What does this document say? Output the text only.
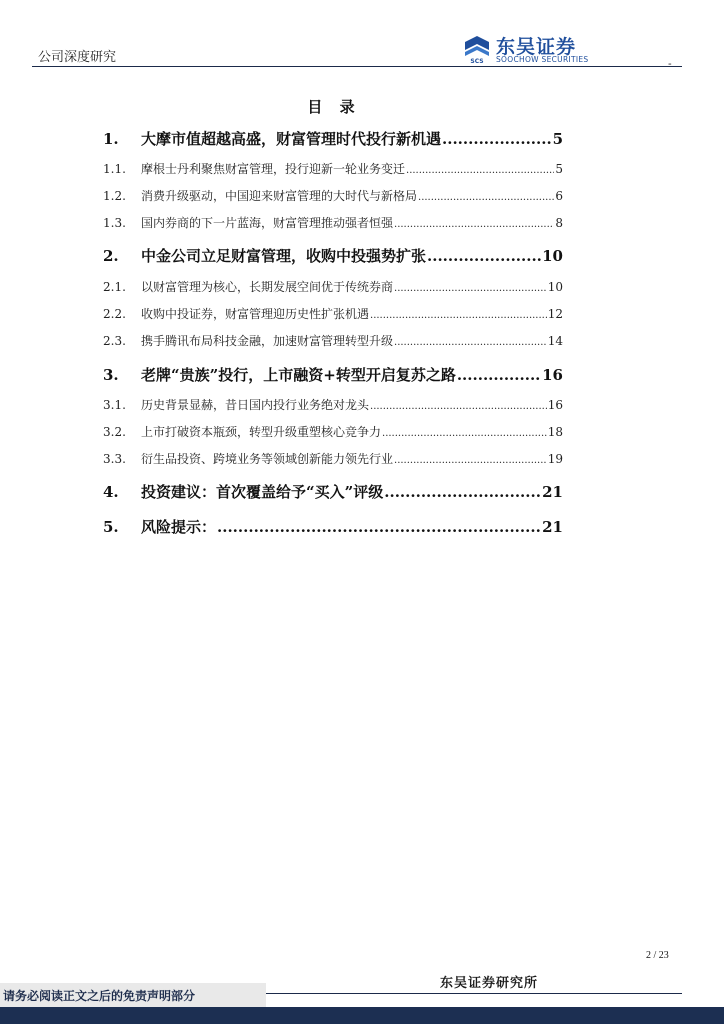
公司深度研究	SCS
东吴证券
SOOCHOW SECURITIES	-
目 录
1.	大摩市值超越高盛，财富管理时代投行新机遇 .....	5
1.1.	摩根士丹利聚焦财富管理，投行迎新一轮业务变迁 .....	5
1.2.	消费升级驱动，中国迎来财富管理的大时代与新格局 .....	6
1.3.	国内券商的下一片蓝海，财富管理推动强者恒强 .....	8
2.	中金公司立足财富管理，收购中投强势扩张 .....	10
2.1.	以财富管理为核心，长期发展空间优于传统券商 .....	10
2.2.	收购中投证券，财富管理迎历史性扩张机遇 .....	12
2.3.	携手腾讯布局科技金融，加速财富管理转型升级 .....	14
3.	老牌“贵族”投行，上市融资+转型开启复苏之路 .....	16
3.1.	历史背景显赫，昔日国内投行业务绝对龙头 .....	16
3.2.	上市打破资本瓶颈，转型升级重塑核心竞争力 .....	18
3.3.	衍生品投资、跨境业务等领域创新能力领先行业 .....	19
4.	投资建议：首次覆盖给予“买入”评级 .....	21
5.	风险提示： .....	21
2 / 23
东吴证券研究所
请务必阅读正文之后的免责声明部分
